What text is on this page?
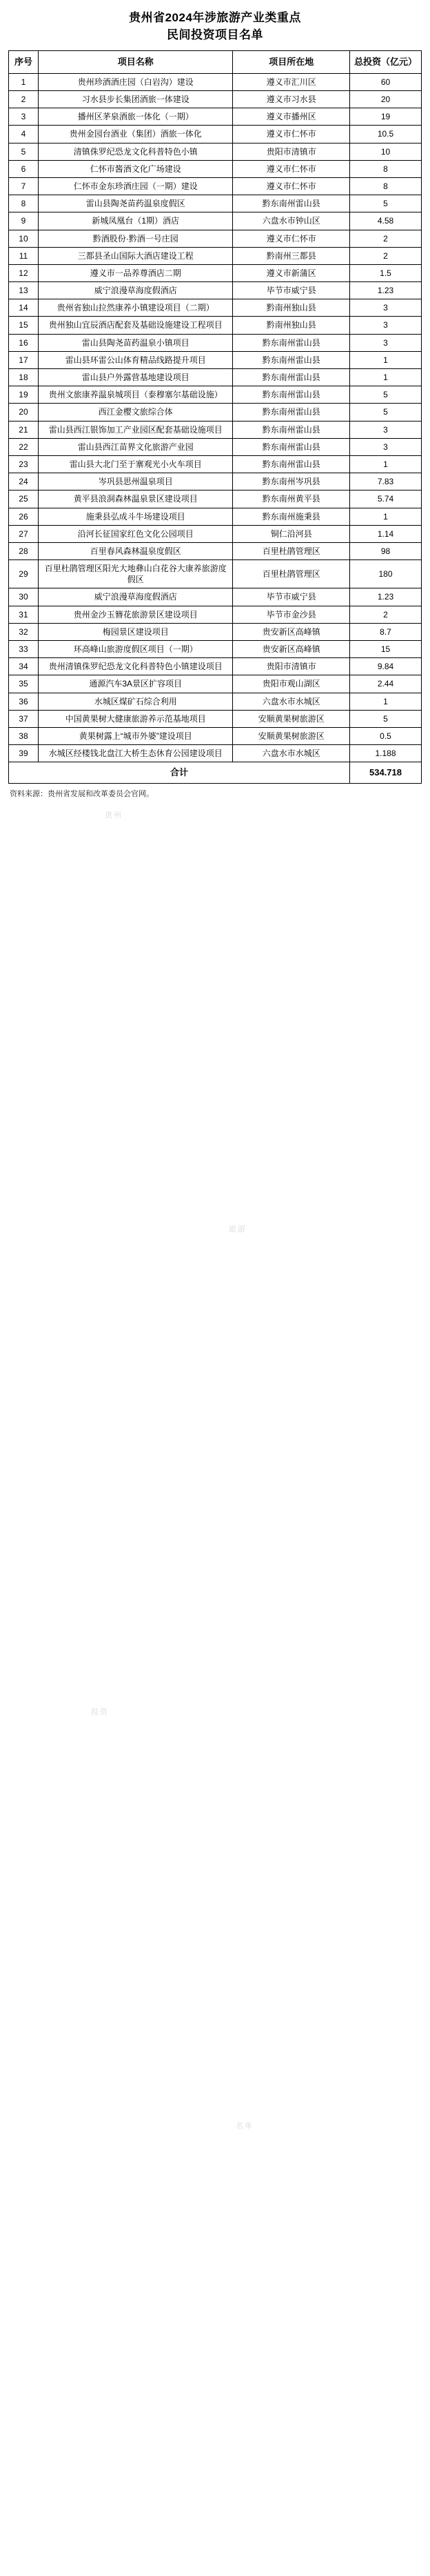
贵州省2024年涉旅游产业类重点
民间投资项目名单
序号	项目名称	项目所在地	总投资（亿元）
1	贵州珍酒酒庄园（白岩沟）建设	遵义市汇川区	60
2	习水县步长集团酒旅一体建设	遵义市习水县	20
3	播州区茅泉酒旅一体化（一期）	遵义市播州区	19
4	贵州金园台酒业（集团）酒旅一体化	遵义市仁怀市	10.5
5	清镇侏罗纪恐龙文化科普特色小镇	贵阳市清镇市	10
6	仁怀市酱酒文化广场建设	遵义市仁怀市	8
7	仁怀市金东珍酒庄园（一期）建设	遵义市仁怀市	8
8	雷山县陶尧苗药温泉度假区	黔东南州雷山县	5
9	新城凤凰台（1期）酒店	六盘水市钟山区	4.58
10	黔酒股份·黔酒一号庄园	遵义市仁怀市	2
11	三都县圣山国际大酒店建设工程	黔南州三都县	2
12	遵义市一品养尊酒店二期	遵义市新蒲区	1.5
13	威宁浪漫草海度假酒店	毕节市威宁县	1.23
14	贵州省独山拉然康养小镇建设项目（二期）	黔南州独山县	3
15	贵州独山宜辰酒店配套及基础设施建设工程项目	黔南州独山县	3
16	雷山县陶尧苗药温泉小镇项目	黔东南州雷山县	3
17	雷山县环雷公山体育精品线路提升项目	黔东南州雷山县	1
18	雷山县户外露营基地建设项目	黔东南州雷山县	1
19	贵州文旅康养温泉城项目（泰穆塞尔基础设施）	黔东南州雷山县	5
20	西江金樱文旅综合体	黔东南州雷山县	5
21	雷山县西江银饰加工产业园区配套基础设施项目	黔东南州雷山县	3
22	雷山县西江苗界文化旅游产业园	黔东南州雷山县	3
23	雷山县大北门至于寨观光小火车项目	黔东南州雷山县	1
24	岑巩县思州温泉项目	黔东南州岑巩县	7.83
25	黄平县浪洞森林温泉景区建设项目	黔东南州黄平县	5.74
26	施秉县弘成斗牛场建设项目	黔东南州施秉县	1
27	沿河长征国家红色文化公园项目	铜仁沿河县	1.14
28	百里春风森林温泉度假区	百里杜鹃管理区	98
29	百里杜鹃管理区阳光大地彝山白花谷大康养旅游度假区	百里杜鹃管理区	180
30	威宁浪漫草海度假酒店	毕节市威宁县	1.23
31	贵州金沙玉簪花旅游景区建设项目	毕节市金沙县	2
32	梅园景区建设项目	贵安新区高峰镇	8.7
33	环高峰山旅游度假区项目（一期）	贵安新区高峰镇	15
34	贵州清镇侏罗纪恐龙文化科普特色小镇建设项目	贵阳市清镇市	9.84
35	通源汽车3A景区扩容项目	贵阳市观山湖区	2.44
36	水城区煤矿石综合利用	六盘水市水城区	1
37	中国黄果树大健康旅游养示范基地项目	安顺黄果树旅游区	5
38	黄果树露上“城市外婆”建设项目	安顺黄果树旅游区	0.5
39	水城区经楼钱北盘江大桥生态休育公园建设项目	六盘水市水城区	1.188
合计			534.718
贵州
旅游
投资
名单
资料来源：贵州省发展和改革委员会官网。
